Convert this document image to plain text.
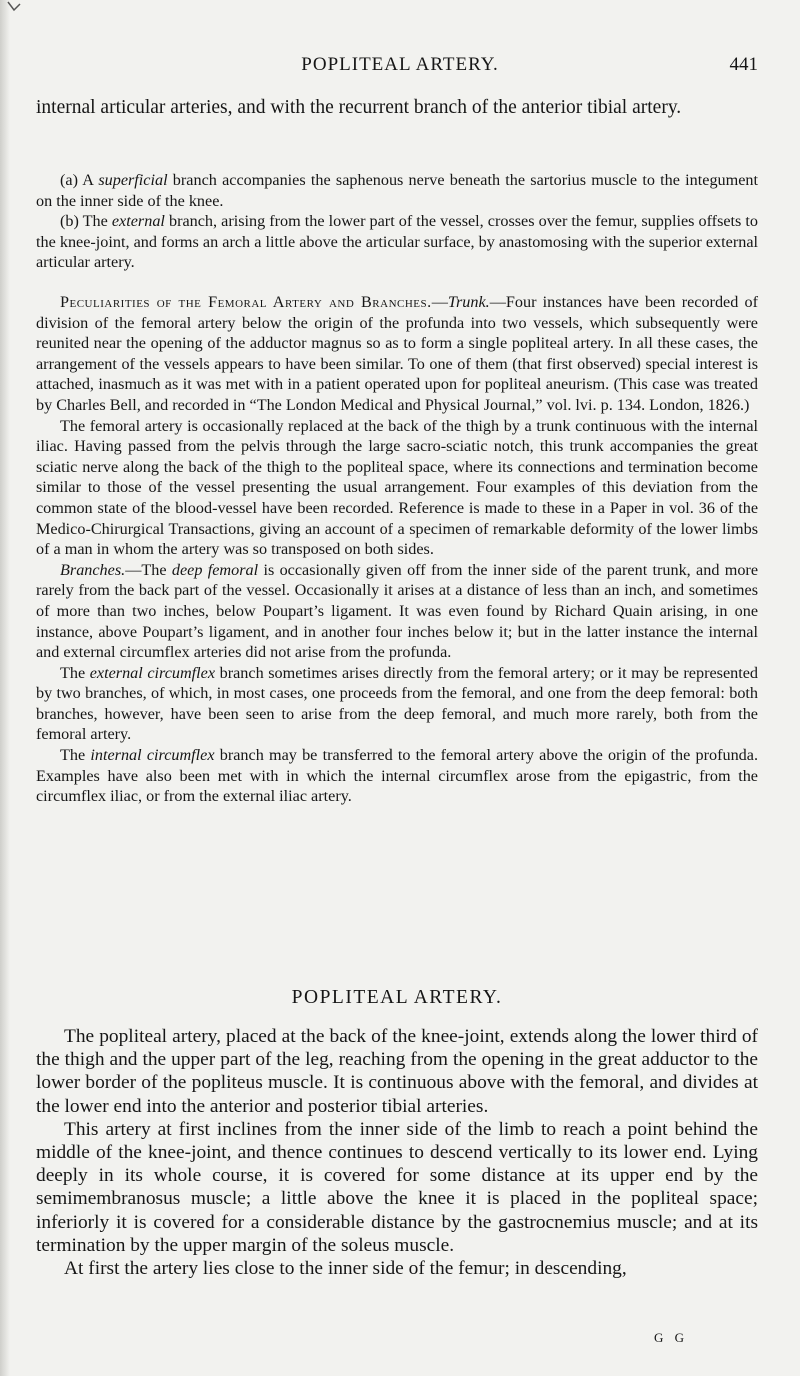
POPLITEAL ARTERY.	441

internal articular arteries, and with the recurrent branch of the anterior tibial artery.

(a) A superficial branch accompanies the saphenous nerve beneath the sartorius muscle to the integument on the inner side of the knee.

(b) The external branch, arising from the lower part of the vessel, crosses over the femur, supplies offsets to the knee-joint, and forms an arch a little above the articular surface, by anastomosing with the superior external articular artery.

Peculiarities of the Femoral Artery and Branches.—Trunk.—Four instances have been recorded of division of the femoral artery below the origin of the profunda into two vessels, which subsequently were reunited near the opening of the adductor magnus so as to form a single popliteal artery. In all these cases, the arrangement of the vessels appears to have been similar. To one of them (that first observed) special interest is attached, inasmuch as it was met with in a patient operated upon for popliteal aneurism. (This case was treated by Charles Bell, and recorded in “The London Medical and Physical Journal,” vol. lvi. p. 134. London, 1826.)

The femoral artery is occasionally replaced at the back of the thigh by a trunk continuous with the internal iliac. Having passed from the pelvis through the large sacro-sciatic notch, this trunk accompanies the great sciatic nerve along the back of the thigh to the popliteal space, where its connections and termination become similar to those of the vessel presenting the usual arrangement. Four examples of this deviation from the common state of the blood-vessel have been recorded. Reference is made to these in a Paper in vol. 36 of the Medico-Chirurgical Transactions, giving an account of a specimen of remarkable deformity of the lower limbs of a man in whom the artery was so transposed on both sides.

Branches.—The deep femoral is occasionally given off from the inner side of the parent trunk, and more rarely from the back part of the vessel. Occasionally it arises at a distance of less than an inch, and sometimes of more than two inches, below Poupart’s ligament. It was even found by Richard Quain arising, in one instance, above Poupart’s ligament, and in another four inches below it; but in the latter instance the internal and external circumflex arteries did not arise from the profunda.

The external circumflex branch sometimes arises directly from the femoral artery; or it may be represented by two branches, of which, in most cases, one proceeds from the femoral, and one from the deep femoral: both branches, however, have been seen to arise from the deep femoral, and much more rarely, both from the femoral artery.

The internal circumflex branch may be transferred to the femoral artery above the origin of the profunda. Examples have also been met with in which the internal circumflex arose from the epigastric, from the circumflex iliac, or from the external iliac artery.

POPLITEAL ARTERY.

The popliteal artery, placed at the back of the knee-joint, extends along the lower third of the thigh and the upper part of the leg, reaching from the opening in the great adductor to the lower border of the popliteus muscle. It is continuous above with the femoral, and divides at the lower end into the anterior and posterior tibial arteries.

This artery at first inclines from the inner side of the limb to reach a point behind the middle of the knee-joint, and thence continues to descend vertically to its lower end. Lying deeply in its whole course, it is covered for some distance at its upper end by the semimembranosus muscle; a little above the knee it is placed in the popliteal space; inferiorly it is covered for a considerable distance by the gastrocnemius muscle; and at its termination by the upper margin of the soleus muscle.

At first the artery lies close to the inner side of the femur; in descending,

G G
